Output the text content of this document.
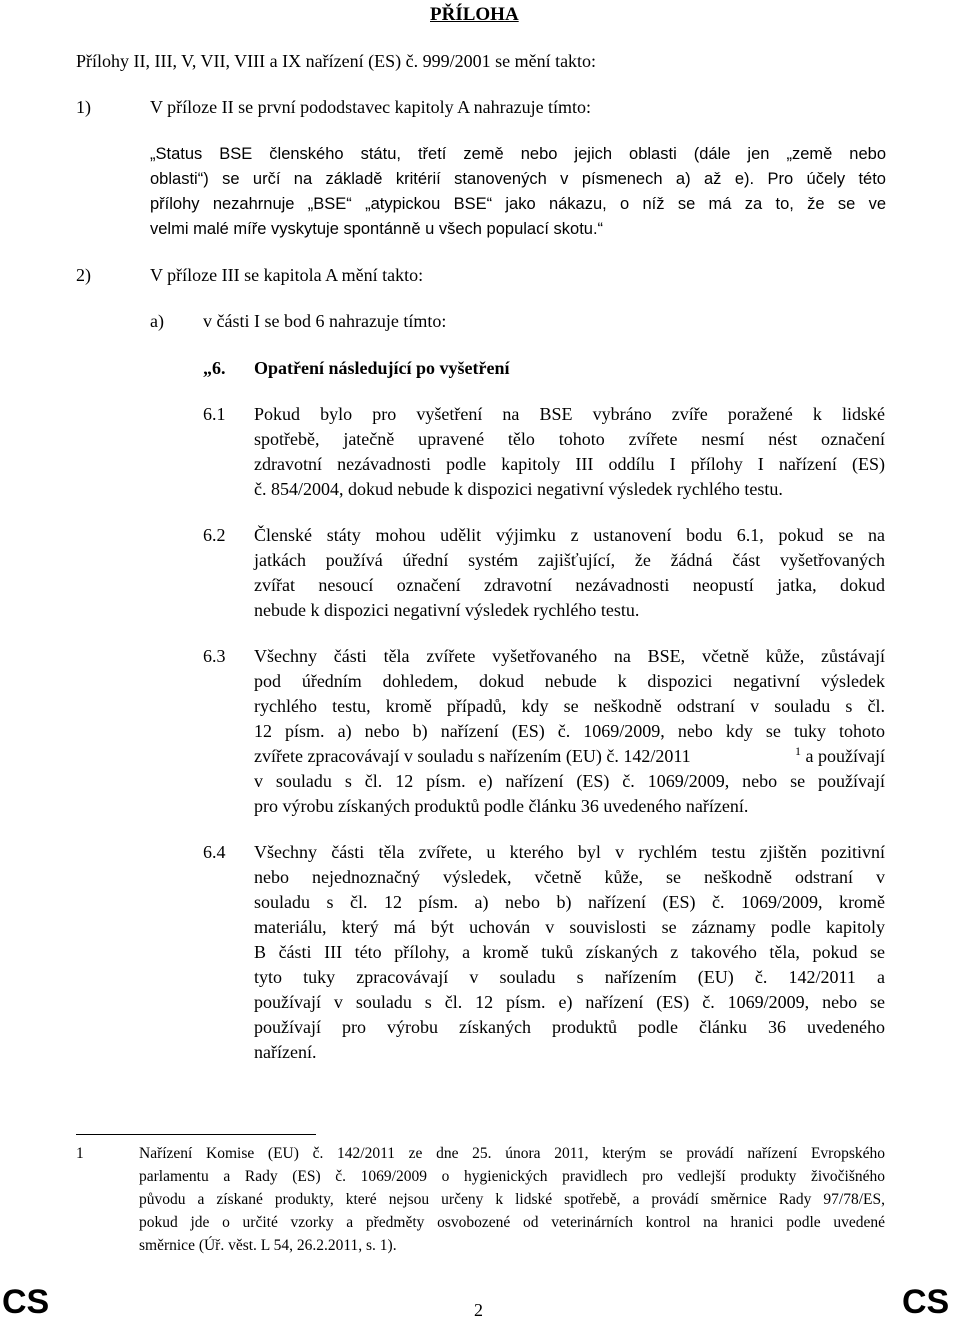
PŘÍLOHA
Přílohy II, III, V, VII, VIII a IX nařízení (ES) č. 999/2001 se mění takto:
1)	V příloze II se první pododstavec kapitoly A nahrazuje tímto:
„Status BSE členského státu, třetí země nebo jejich oblasti (dále jen „země nebo
oblasti“) se určí na základě kritérií stanovených v písmenech a) až e). Pro účely této
přílohy nezahrnuje „BSE“ „atypickou BSE“ jako nákazu, o níž se má za to, že se ve
velmi malé míře vyskytuje spontánně u všech populací skotu.“
2)	V příloze III se kapitola A mění takto:
a) v části I se bod 6 nahrazuje tímto:
„6. Opatření následující po vyšetření
6.1 Pokud bylo pro vyšetření na BSE vybráno zvíře poražené k lidské
spotřebě, jatečně upravené tělo tohoto zvířete nesmí nést označení
zdravotní nezávadnosti podle kapitoly III oddílu I přílohy I nařízení (ES)
č. 854/2004, dokud nebude k dispozici negativní výsledek rychlého testu.
6.2 Členské státy mohou udělit výjimku z ustanovení bodu 6.1, pokud se na
jatkách používá úřední systém zajišťující, že žádná část vyšetřovaných
zvířat nesoucí označení zdravotní nezávadnosti neopustí jatka, dokud
nebude k dispozici negativní výsledek rychlého testu.
6.3 Všechny části těla zvířete vyšetřovaného na BSE, včetně kůže, zůstávají
pod úředním dohledem, dokud nebude k dispozici negativní výsledek
rychlého testu, kromě případů, kdy se neškodně odstraní v souladu s čl.
12 písm. a) nebo b) nařízení (ES) č. 1069/2009, nebo kdy se tuky tohoto
zvířete zpracovávají v souladu s nařízením (EU) č. 142/2011	$^1$ a používají
v souladu s čl. 12 písm. e) nařízení (ES) č. 1069/2009, nebo se používají
pro výrobu získaných produktů podle článku 36 uvedeného nařízení.
6.4 Všechny části těla zvířete, u kterého byl v rychlém testu zjištěn pozitivní
nebo nejednoznačný výsledek, včetně kůže, se neškodně odstraní v
souladu s čl. 12 písm. a) nebo b) nařízení (ES) č. 1069/2009, kromě
materiálu, který má být uchován v souvislosti se záznamy podle kapitoly
B části III této přílohy, a kromě tuků získaných z takového těla, pokud se
tyto tuky zpracovávají v souladu s nařízením (EU) č. 142/2011 a
používají v souladu s čl. 12 písm. e) nařízení (ES) č. 1069/2009, nebo se
používají pro výrobu získaných produktů podle článku 36 uvedeného
nařízení.
1	Nařízení Komise (EU) č. 142/2011 ze dne 25. února 2011, kterým se provádí nařízení Evropského
parlamentu a Rady (ES) č. 1069/2009 o hygienických pravidlech pro vedlejší produkty živočišného
původu a získané produkty, které nejsou určeny k lidské spotřebě, a provádí směrnice Rady 97/78/ES,
pokud jde o určité vzorky a předměty osvobozené od veterinárních kontrol na hranici podle uvedené
směrnice (Úř. věst. L 54, 26.2.2011, s. 1).
CS	2	CS
